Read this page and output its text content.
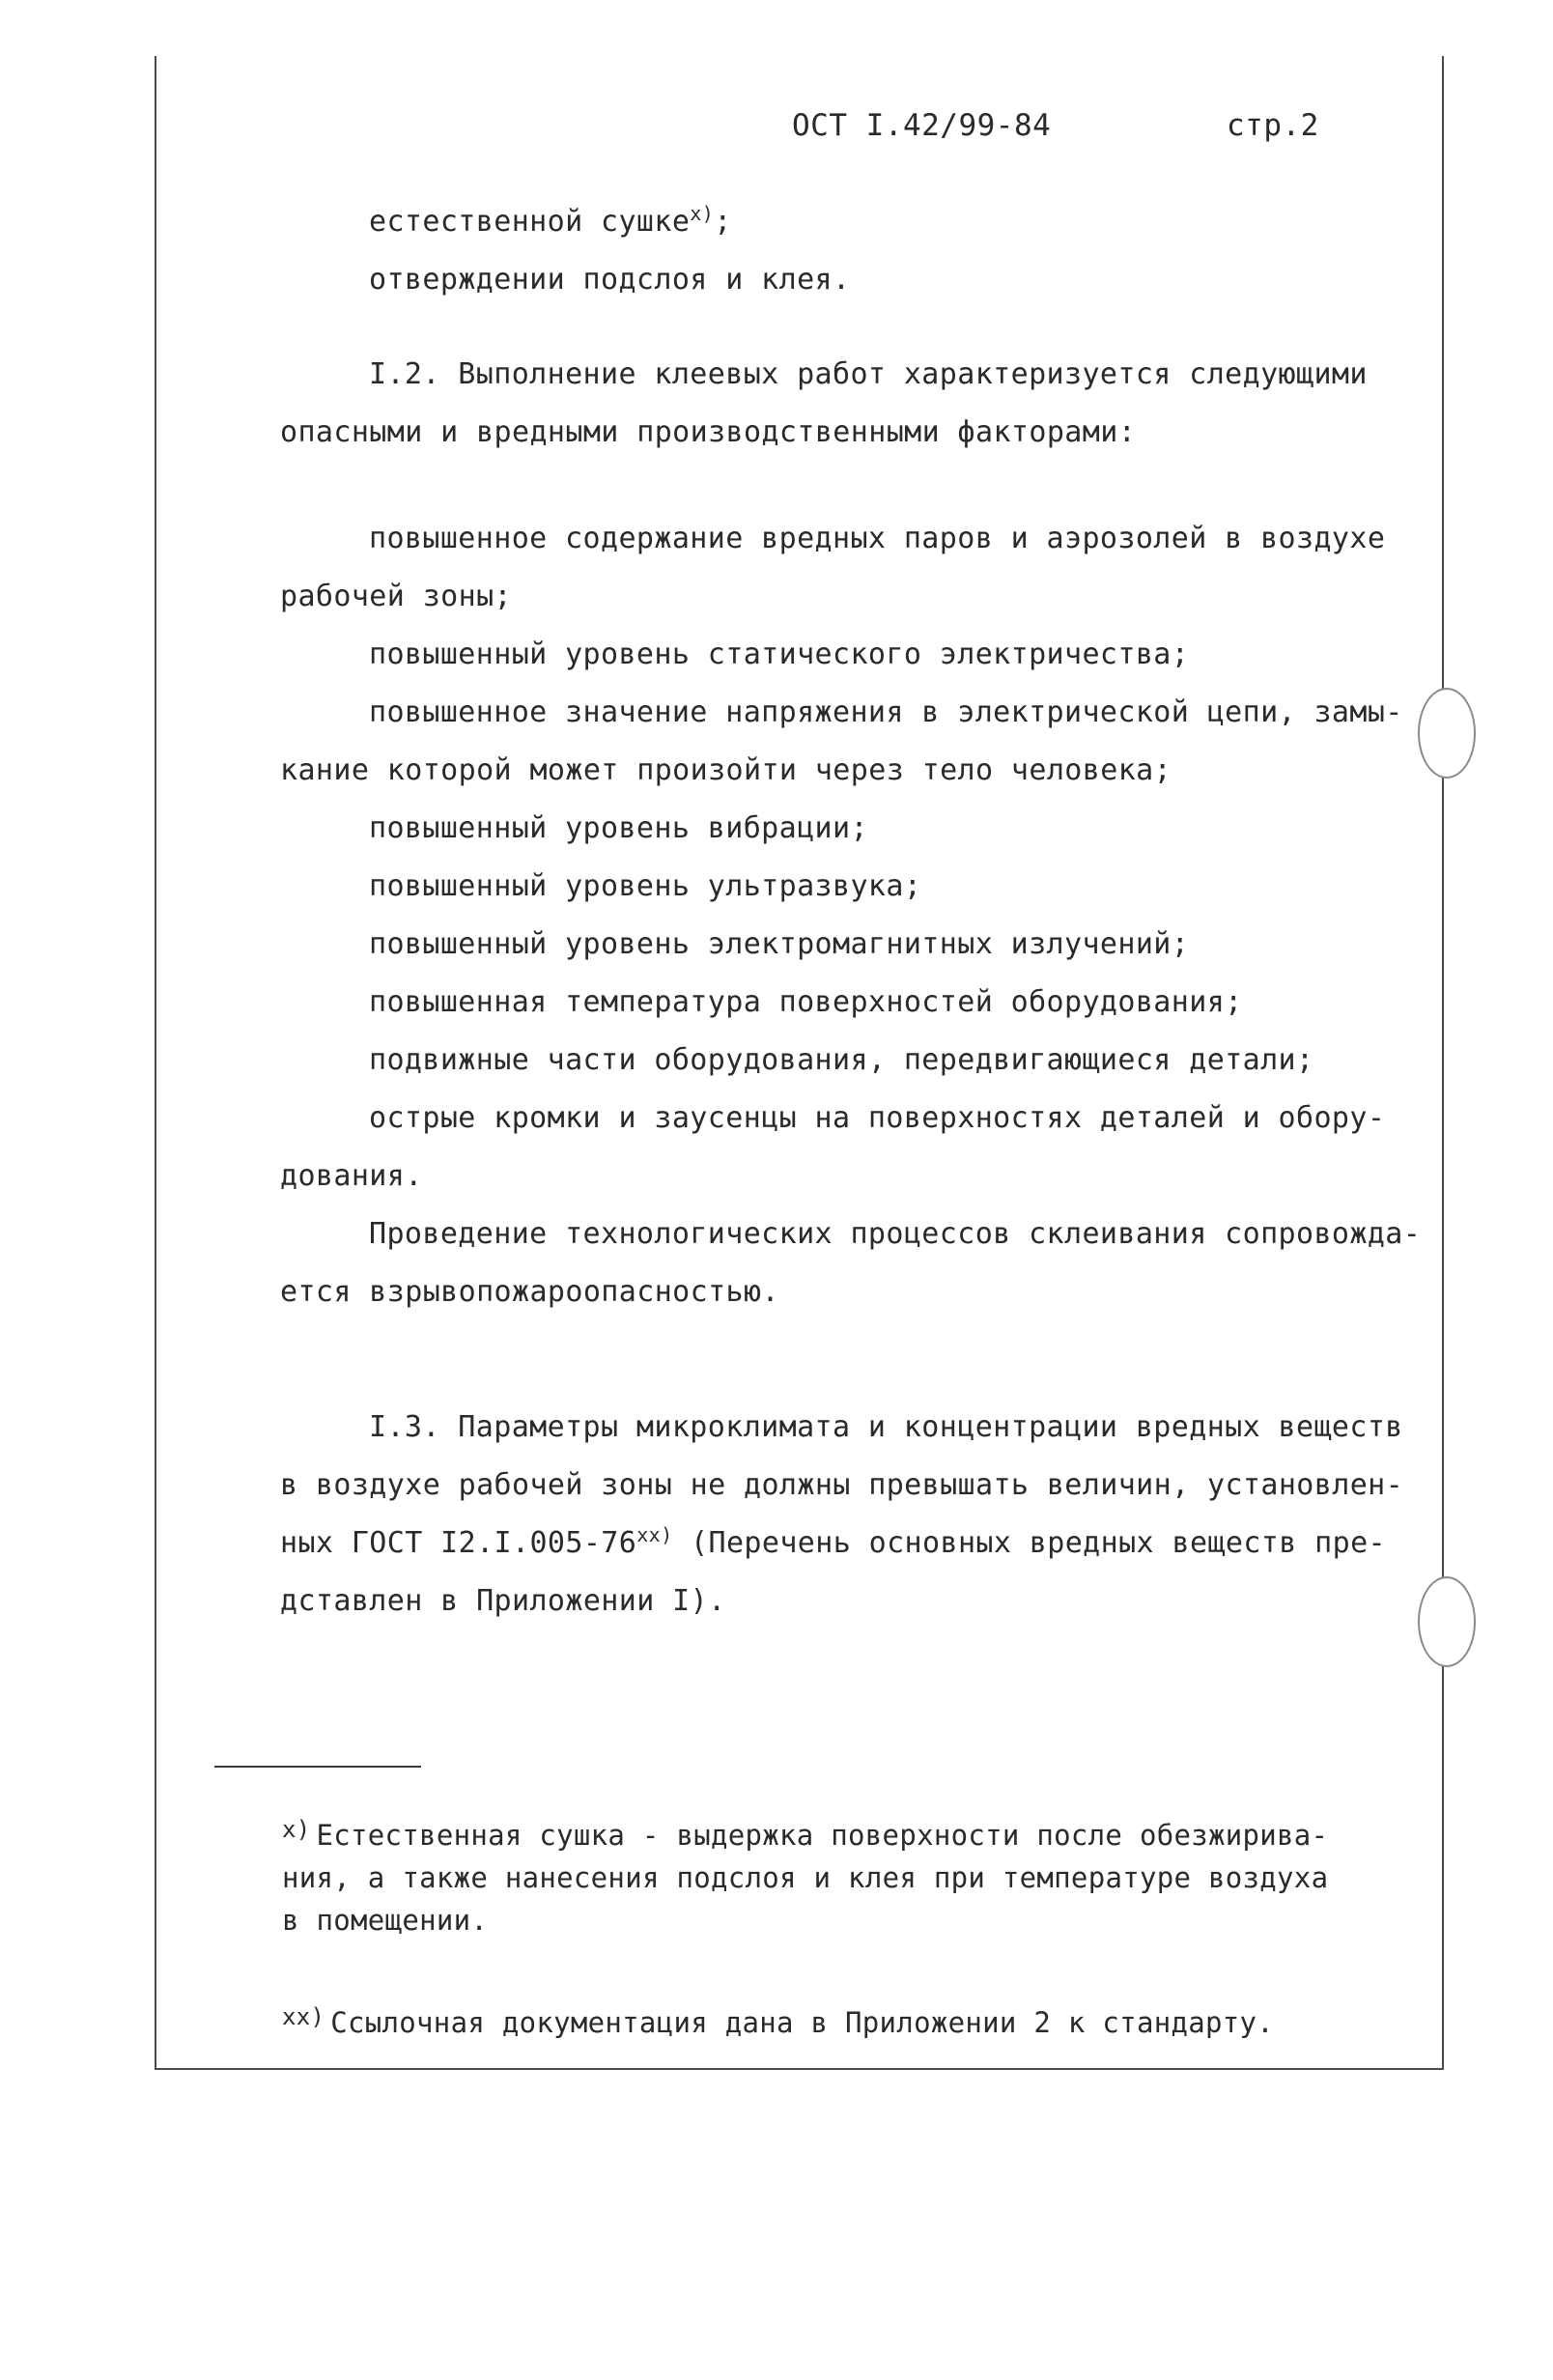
ОСТ I.42/99-84	стр.2
естественной сушке$^{x)}$;
отверждении подслоя и клея.
I.2. Выполнение клеевых работ характеризуется следующими
опасными и вредными производственными факторами:
повышенное содержание вредных паров и аэрозолей в воздухе
рабочей зоны;
повышенный уровень статического электричества;
повышенное значение напряжения в электрической цепи, замы-
кание которой может произойти через тело человека;
повышенный уровень вибрации;
повышенный уровень ультразвука;
повышенный уровень электромагнитных излучений;
повышенная температура поверхностей оборудования;
подвижные части оборудования, передвигающиеся детали;
острые кромки и заусенцы на поверхностях деталей и обору-
дования.
Проведение технологических процессов склеивания сопровожда-
ется взрывопожароопасностью.
I.3. Параметры микроклимата и концентрации вредных веществ
в воздухе рабочей зоны не должны превышать величин, установлен-
ных ГОСТ I2.I.005-76$^{xx)}$ (Перечень основных вредных веществ пре-
дставлен в Приложении I).
$^{x)}$ Естественная сушка - выдержка поверхности после обезжирива-
ния, а также нанесения подслоя и клея при температуре воздуха
в помещении.
$^{xx)}$ Ссылочная документация дана в Приложении 2 к стандарту.
